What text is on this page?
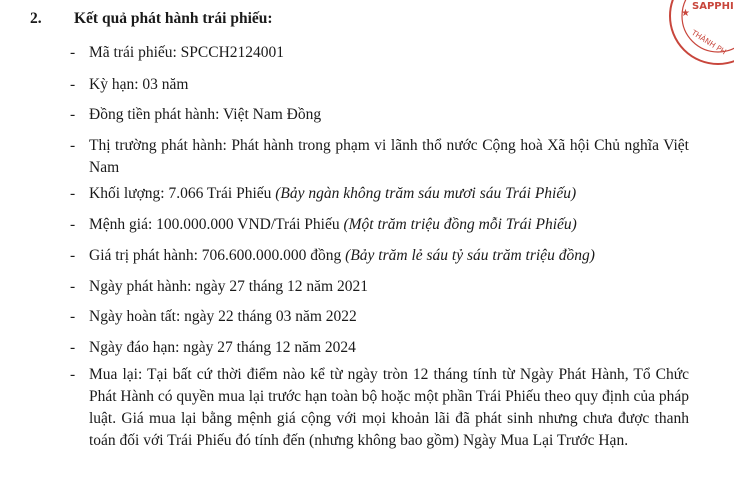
2. Kết quả phát hành trái phiếu:
- Mã trái phiếu: SPCCH2124001
- Kỳ hạn: 03 năm
- Đồng tiền phát hành: Việt Nam Đồng
- Thị trường phát hành: Phát hành trong phạm vi lãnh thổ nước Cộng hoà Xã hội Chủ nghĩa Việt Nam
- Khối lượng: 7.066 Trái Phiếu (Bảy ngàn không trăm sáu mươi sáu Trái Phiếu)
- Mệnh giá: 100.000.000 VND/Trái Phiếu (Một trăm triệu đồng mỗi Trái Phiếu)
- Giá trị phát hành: 706.600.000.000 đồng (Bảy trăm lẻ sáu tỷ sáu trăm triệu đồng)
- Ngày phát hành: ngày 27 tháng 12 năm 2021
- Ngày hoàn tất: ngày 22 tháng 03 năm 2022
- Ngày đáo hạn: ngày 27 tháng 12 năm 2024
- Mua lại: Tại bất cứ thời điểm nào kể từ ngày tròn 12 tháng tính từ Ngày Phát Hành, Tổ Chức Phát Hành có quyền mua lại trước hạn toàn bộ hoặc một phần Trái Phiếu theo quy định của pháp luật. Giá mua lại bằng mệnh giá cộng với mọi khoản lãi đã phát sinh nhưng chưa được thanh toán đối với Trái Phiếu đó tính đến (nhưng không bao gồm) Ngày Mua Lại Trước Hạn.
★
SAPPHI
THÀNH PH
